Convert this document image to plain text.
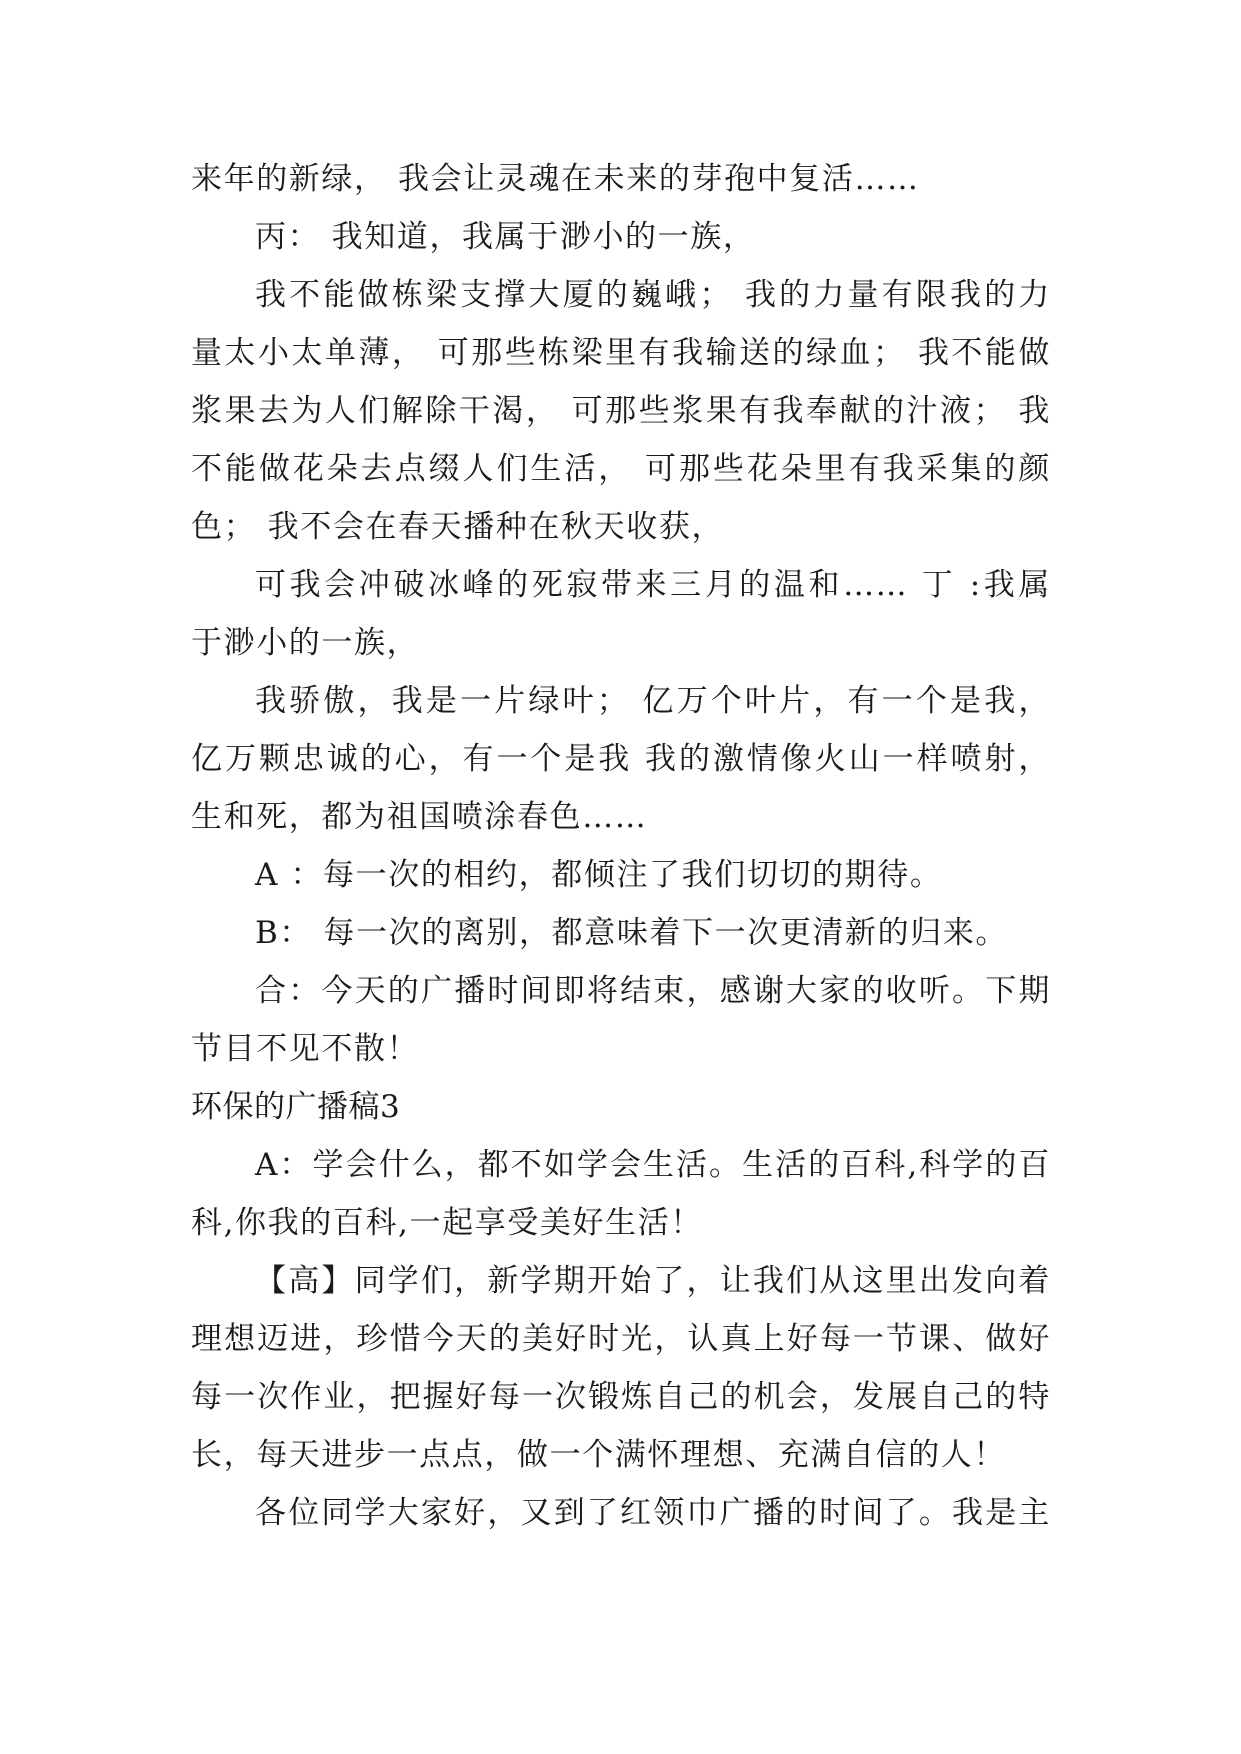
来年的新绿， 我会让灵魂在未来的芽孢中复活……
丙： 我知道，我属于渺小的一族，
我不能做栋梁支撑大厦的巍峨； 我的力量有限我的力
量太小太单薄， 可那些栋梁里有我输送的绿血； 我不能做
浆果去为人们解除干渴， 可那些浆果有我奉献的汁液； 我
不能做花朵去点缀人们生活， 可那些花朵里有我采集的颜
色； 我不会在春天播种在秋天收获，
可我会冲破冰峰的死寂带来三月的温和…… 丁 :我属
于渺小的一族，
我骄傲，我是一片绿叶； 亿万个叶片，有一个是我，
亿万颗忠诚的心，有一个是我 我的激情像火山一样喷射，
生和死，都为祖国喷涂春色……
A ：每一次的相约，都倾注了我们切切的期待。
B： 每一次的离别，都意味着下一次更清新的归来。
合：今天的广播时间即将结束，感谢大家的收听。下期
节目不见不散！
环保的广播稿3
A：学会什么，都不如学会生活。生活的百科,科学的百
科,你我的百科,一起享受美好生活！
【高】同学们，新学期开始了，让我们从这里出发向着
理想迈进，珍惜今天的美好时光，认真上好每一节课、做好
每一次作业，把握好每一次锻炼自己的机会，发展自己的特
长，每天进步一点点，做一个满怀理想、充满自信的人！
各位同学大家好，又到了红领巾广播的时间了。我是主
